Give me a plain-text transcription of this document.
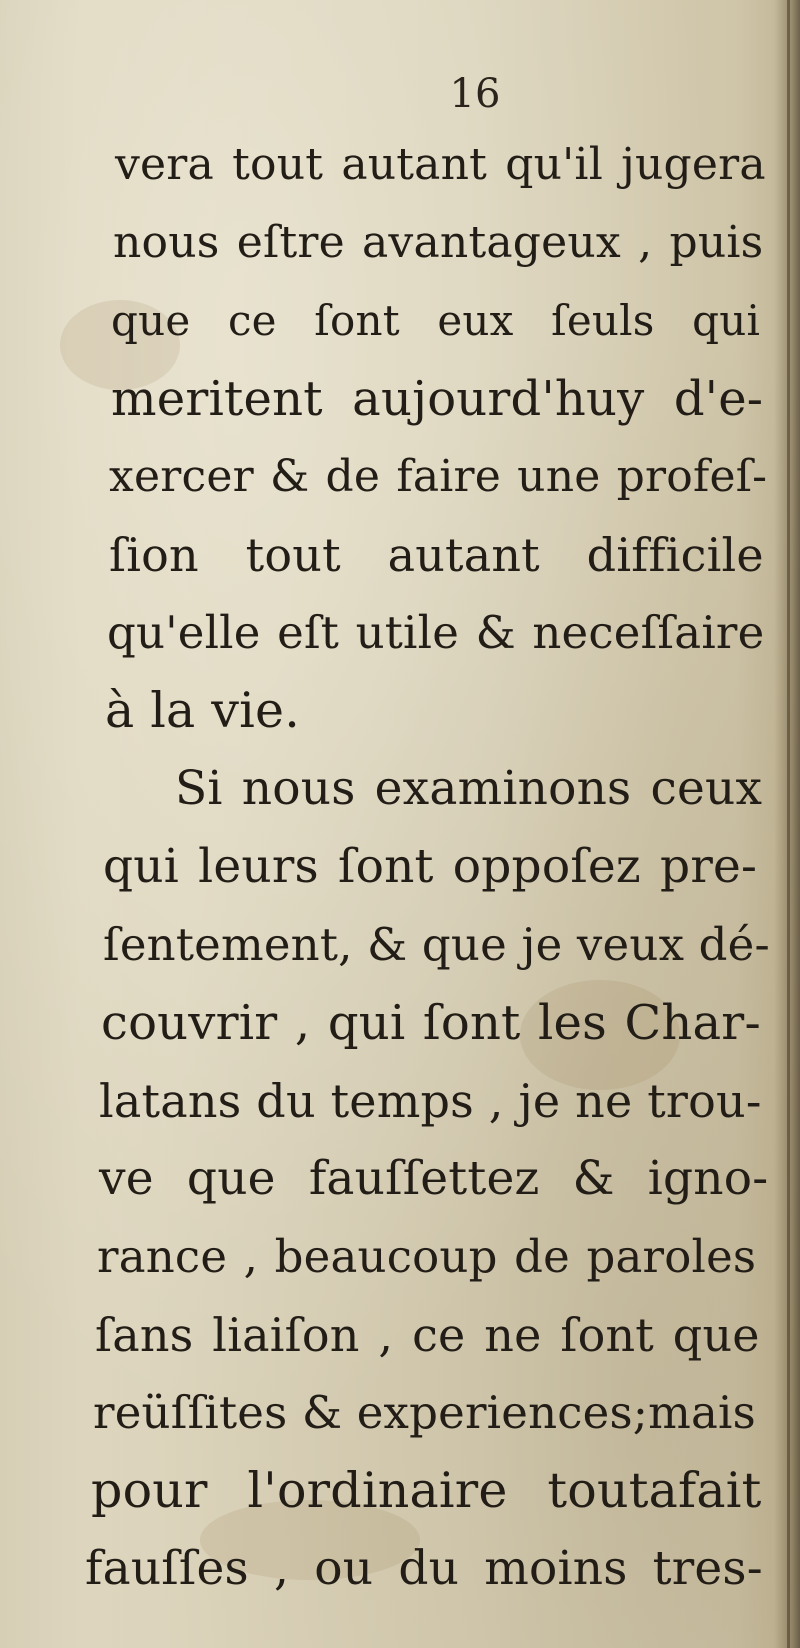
16
vera tout autant qu'il jugera
nous eſtre avantageux , puis
que ce ſont eux ſeuls qui
meritent aujourd'huy d'e-
xercer & de faire une profeſ-
ſion tout autant difficile
qu'elle eſt utile & neceſſaire
à la vie.
Si nous examinons ceux
qui leurs ſont oppoſez pre-
ſentement, & que je veux dé-
couvrir , qui ſont les Char-
latans du temps , je ne trou-
ve que fauſſettez & igno-
rance , beaucoup de paroles
ſans liaiſon , ce ne ſont que
reüſſites & experiences;mais
pour l'ordinaire toutafait
fauſſes , ou du moins tres-
